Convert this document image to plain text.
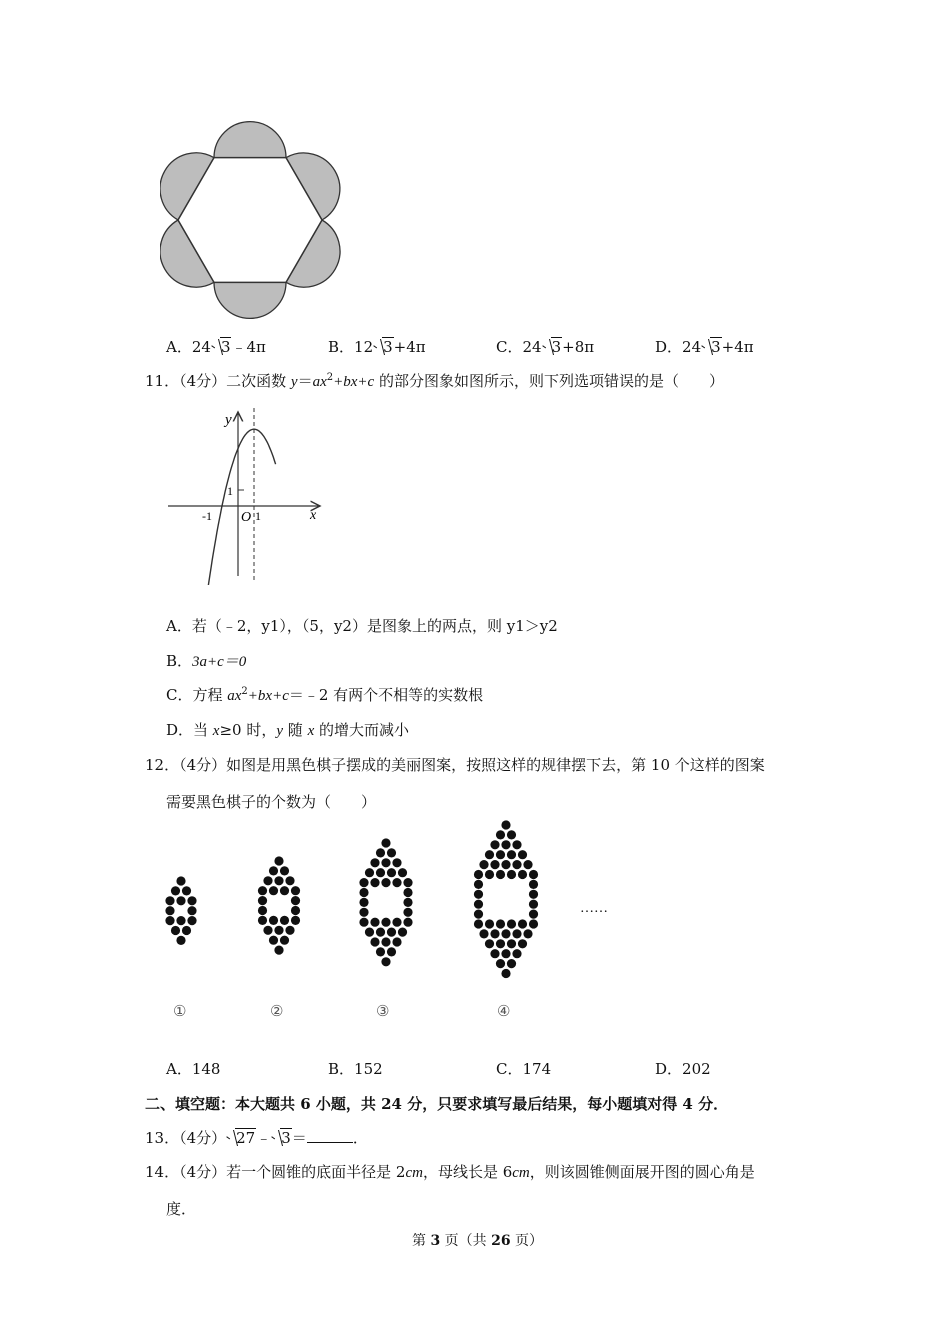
A．24 3﹣4π	B．12 3+4π	C．24 3+8π	D．24 3+4π
11．（4分）二次函数 $y=ax^2+bx+c$ 的部分图象如图所示，则下列选项错误的是（　　）
y
x
1
-1 O 1
A．若（﹣2，y1），（5，y2）是图象上的两点，则 y1＞y2
B．3a+c＝0
C．方程 $ax^2+bx+c=﹣2$ 有两个不相等的实数根
D．当 x≥0 时，y 随 x 的增大而减小
12．（4分）如图是用黑色棋子摆成的美丽图案，按照这样的规律摆下去，第 10 个这样的图案
需要黑色棋子的个数为（　　）
……
①	②	③	④
A．148	B．152	C．174	D．202
二、填空题：本大题共 6 小题，共 24 分，只要求填写最后结果，每小题填对得 4 分．
13．（4分） 27﹣ 3＝	．
14．（4分）若一个圆锥的底面半径是 2cm，母线长是 6cm，则该圆锥侧面展开图的圆心角是
度．
第 3 页（共 26 页）
